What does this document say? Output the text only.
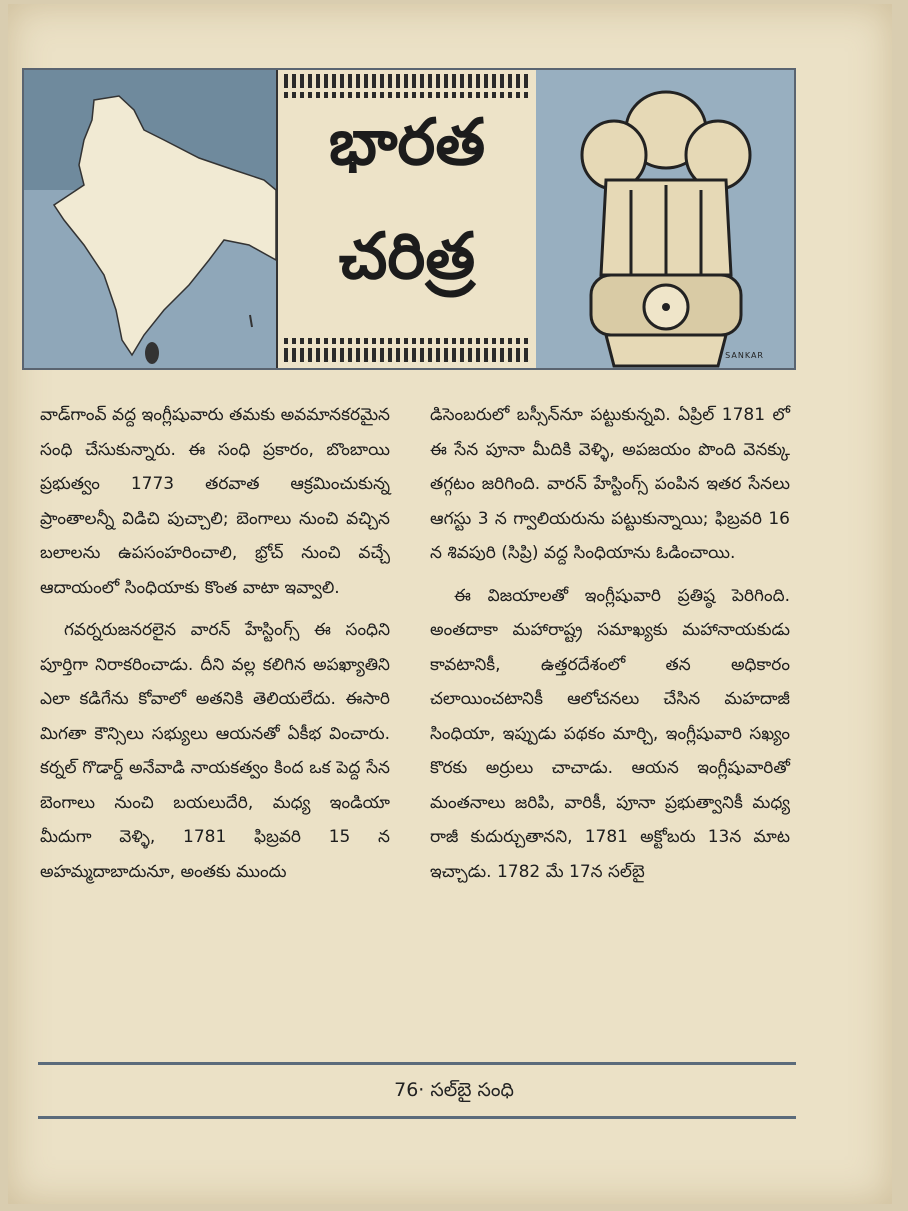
భారత
చరిత్ర
SANKAR

వాడ్‌గాంవ్ వద్ద ఇంగ్లీషువారు తమకు అవమానకరమైన సంధి చేసుకున్నారు. ఈ సంధి ప్రకారం, బొంబాయి ప్రభుత్వం 1773 తరవాత ఆక్రమించుకున్న ప్రాంతాలన్నీ విడిచి పుచ్చాలి; బెంగాలు నుంచి వచ్చిన బలాలను ఉపసంహరించాలి, భ్రోచ్ నుంచి వచ్చే ఆదాయంలో సింధియాకు కొంత వాటా ఇవ్వాలి.

గవర్నరుజనరలైన వారన్ హేస్టింగ్స్ ఈ సంధిని పూర్తిగా నిరాకరించాడు. దీని వల్ల కలిగిన అపఖ్యాతిని ఎలా కడిగేను కోవాలో అతనికి తెలియలేదు. ఈసారి మిగతా కౌన్సిలు సభ్యులు ఆయనతో ఏకీభ వించారు. కర్నల్ గొడార్డ్ అనేవాడి నాయకత్వం కింద ఒక పెద్ద సేన బెంగాలు నుంచి బయలుదేరి, మధ్య ఇండియా మీదుగా వెళ్ళి, 1781 ఫిబ్రవరి 15 న అహమ్మదాబాదునూ, అంతకు ముందు

డిసెంబరులో బస్సీన్‌నూ పట్టుకున్నవి. ఏప్రిల్ 1781 లో ఈ సేన పూనా మీదికి వెళ్ళి, అపజయం పొంది వెనక్కు తగ్గటం జరిగింది. వారన్ హేస్టింగ్స్ పంపిన ఇతర సేనలు ఆగస్టు 3 న గ్వాలియరును పట్టుకున్నాయి; ఫిబ్రవరి 16 న శివపురి (సిప్రి) వద్ద సింధియాను ఓడించాయి.

ఈ విజయాలతో ఇంగ్లీషువారి ప్రతిష్ఠ పెరిగింది. అంతదాకా మహారాష్ట్ర సమాఖ్యకు మహానాయకుడు కావటానికీ, ఉత్తరదేశంలో తన అధికారం చలాయించటానికీ ఆలోచనలు చేసిన మహదాజీ సింధియా, ఇప్పుడు పథకం మార్చి, ఇంగ్లీషువారి సఖ్యం కొరకు అర్రులు చాచాడు. ఆయన ఇంగ్లీషువారితో మంతనాలు జరిపి, వారికీ, పూనా ప్రభుత్వానికీ మధ్య రాజీ కుదుర్చుతానని, 1781 అక్టోబరు 13న మాట ఇచ్చాడు. 1782 మే 17న సల్‌బై

76· సల్‌బై సంధి
